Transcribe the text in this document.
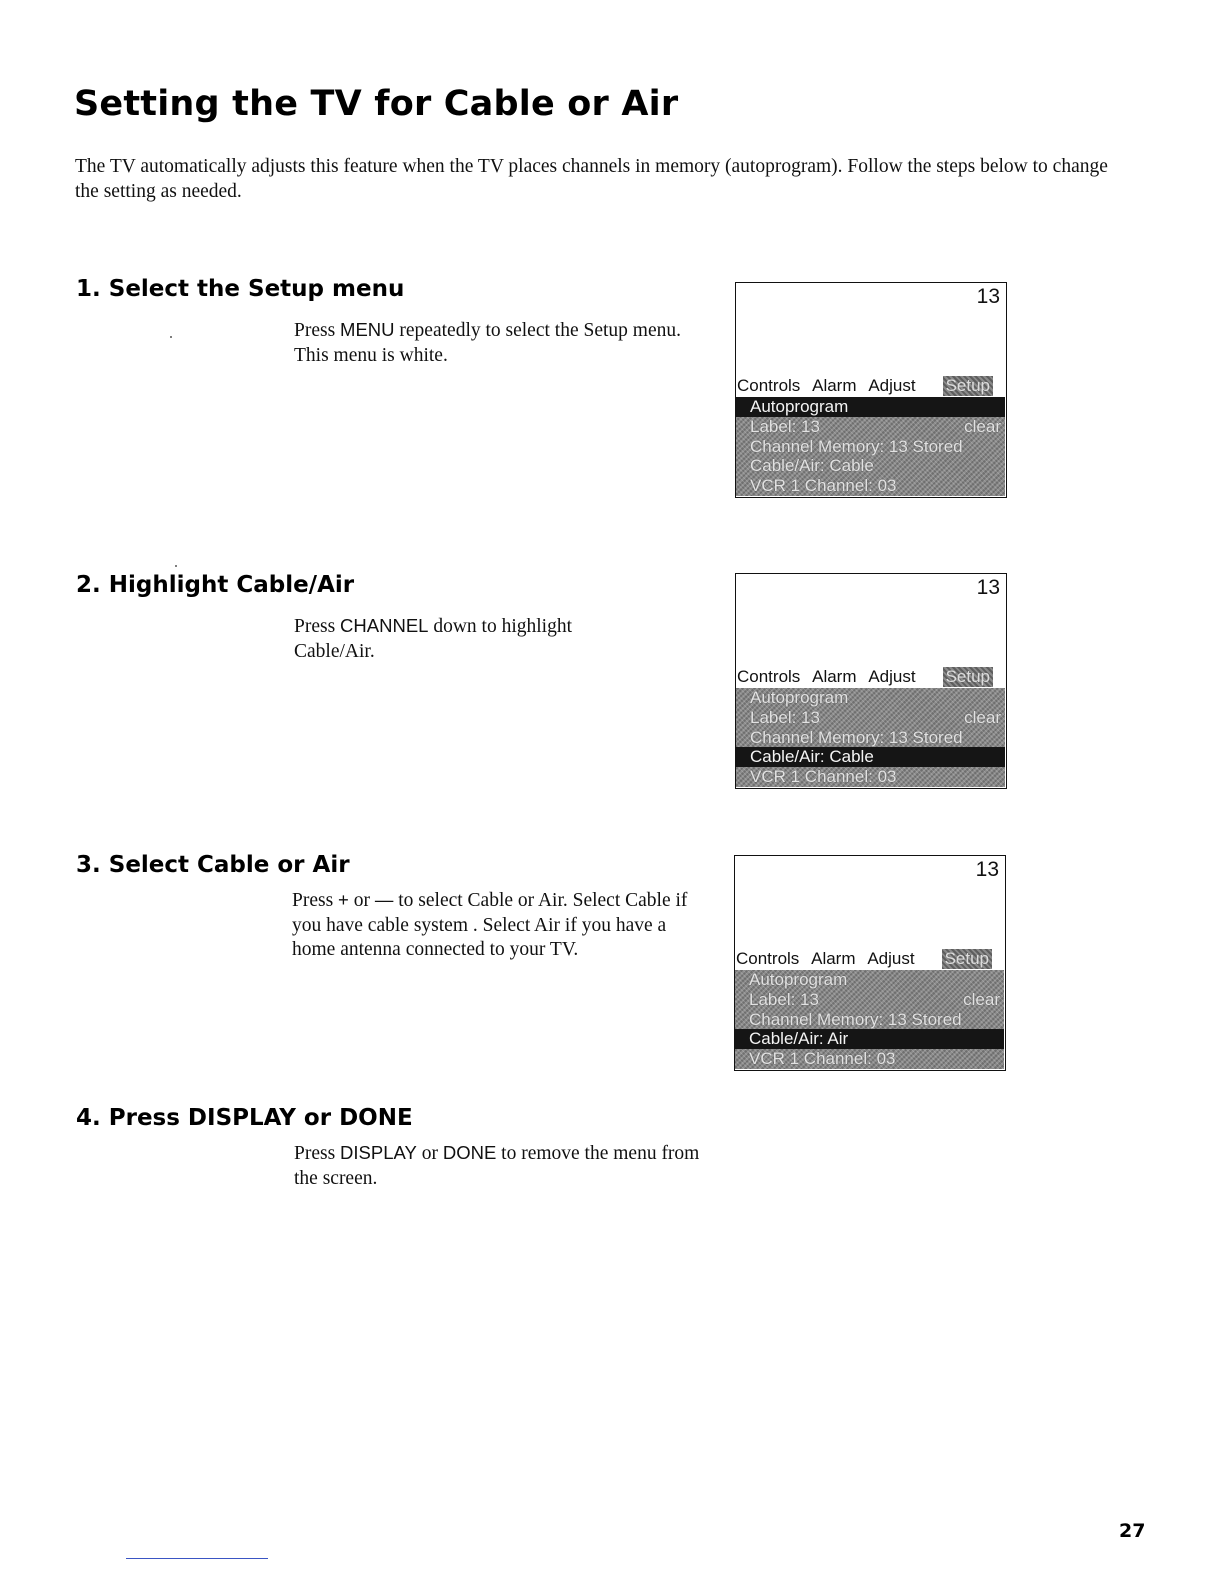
Setting the TV for Cable or Air

The TV automatically adjusts this feature when the TV places channels in memory (autoprogram). Follow the steps below to change the setting as needed.

1. Select the Setup menu

Press MENU repeatedly to select the Setup menu. This menu is white.

13
Controls Alarm Adjust Setup
Autoprogram
Label: 13	clear
Channel Memory: 13 Stored
Cable/Air: Cable
VCR 1 Channel: 03
2. Highlight Cable/Air

Press CHANNEL down to highlight Cable/Air.

13
Controls Alarm Adjust Setup
Autoprogram
Label: 13	clear
Channel Memory: 13 Stored
Cable/Air: Cable
VCR 1 Channel: 03
3. Select Cable or Air

Press + or — to select Cable or Air. Select Cable if you have cable system . Select Air if you have a home antenna connected to your TV.

13
Controls Alarm Adjust Setup
Autoprogram
Label: 13	clear
Channel Memory: 13 Stored
Cable/Air: Air
VCR 1 Channel: 03
4. Press DISPLAY or DONE

Press DISPLAY or DONE to remove the menu from the screen.

27
